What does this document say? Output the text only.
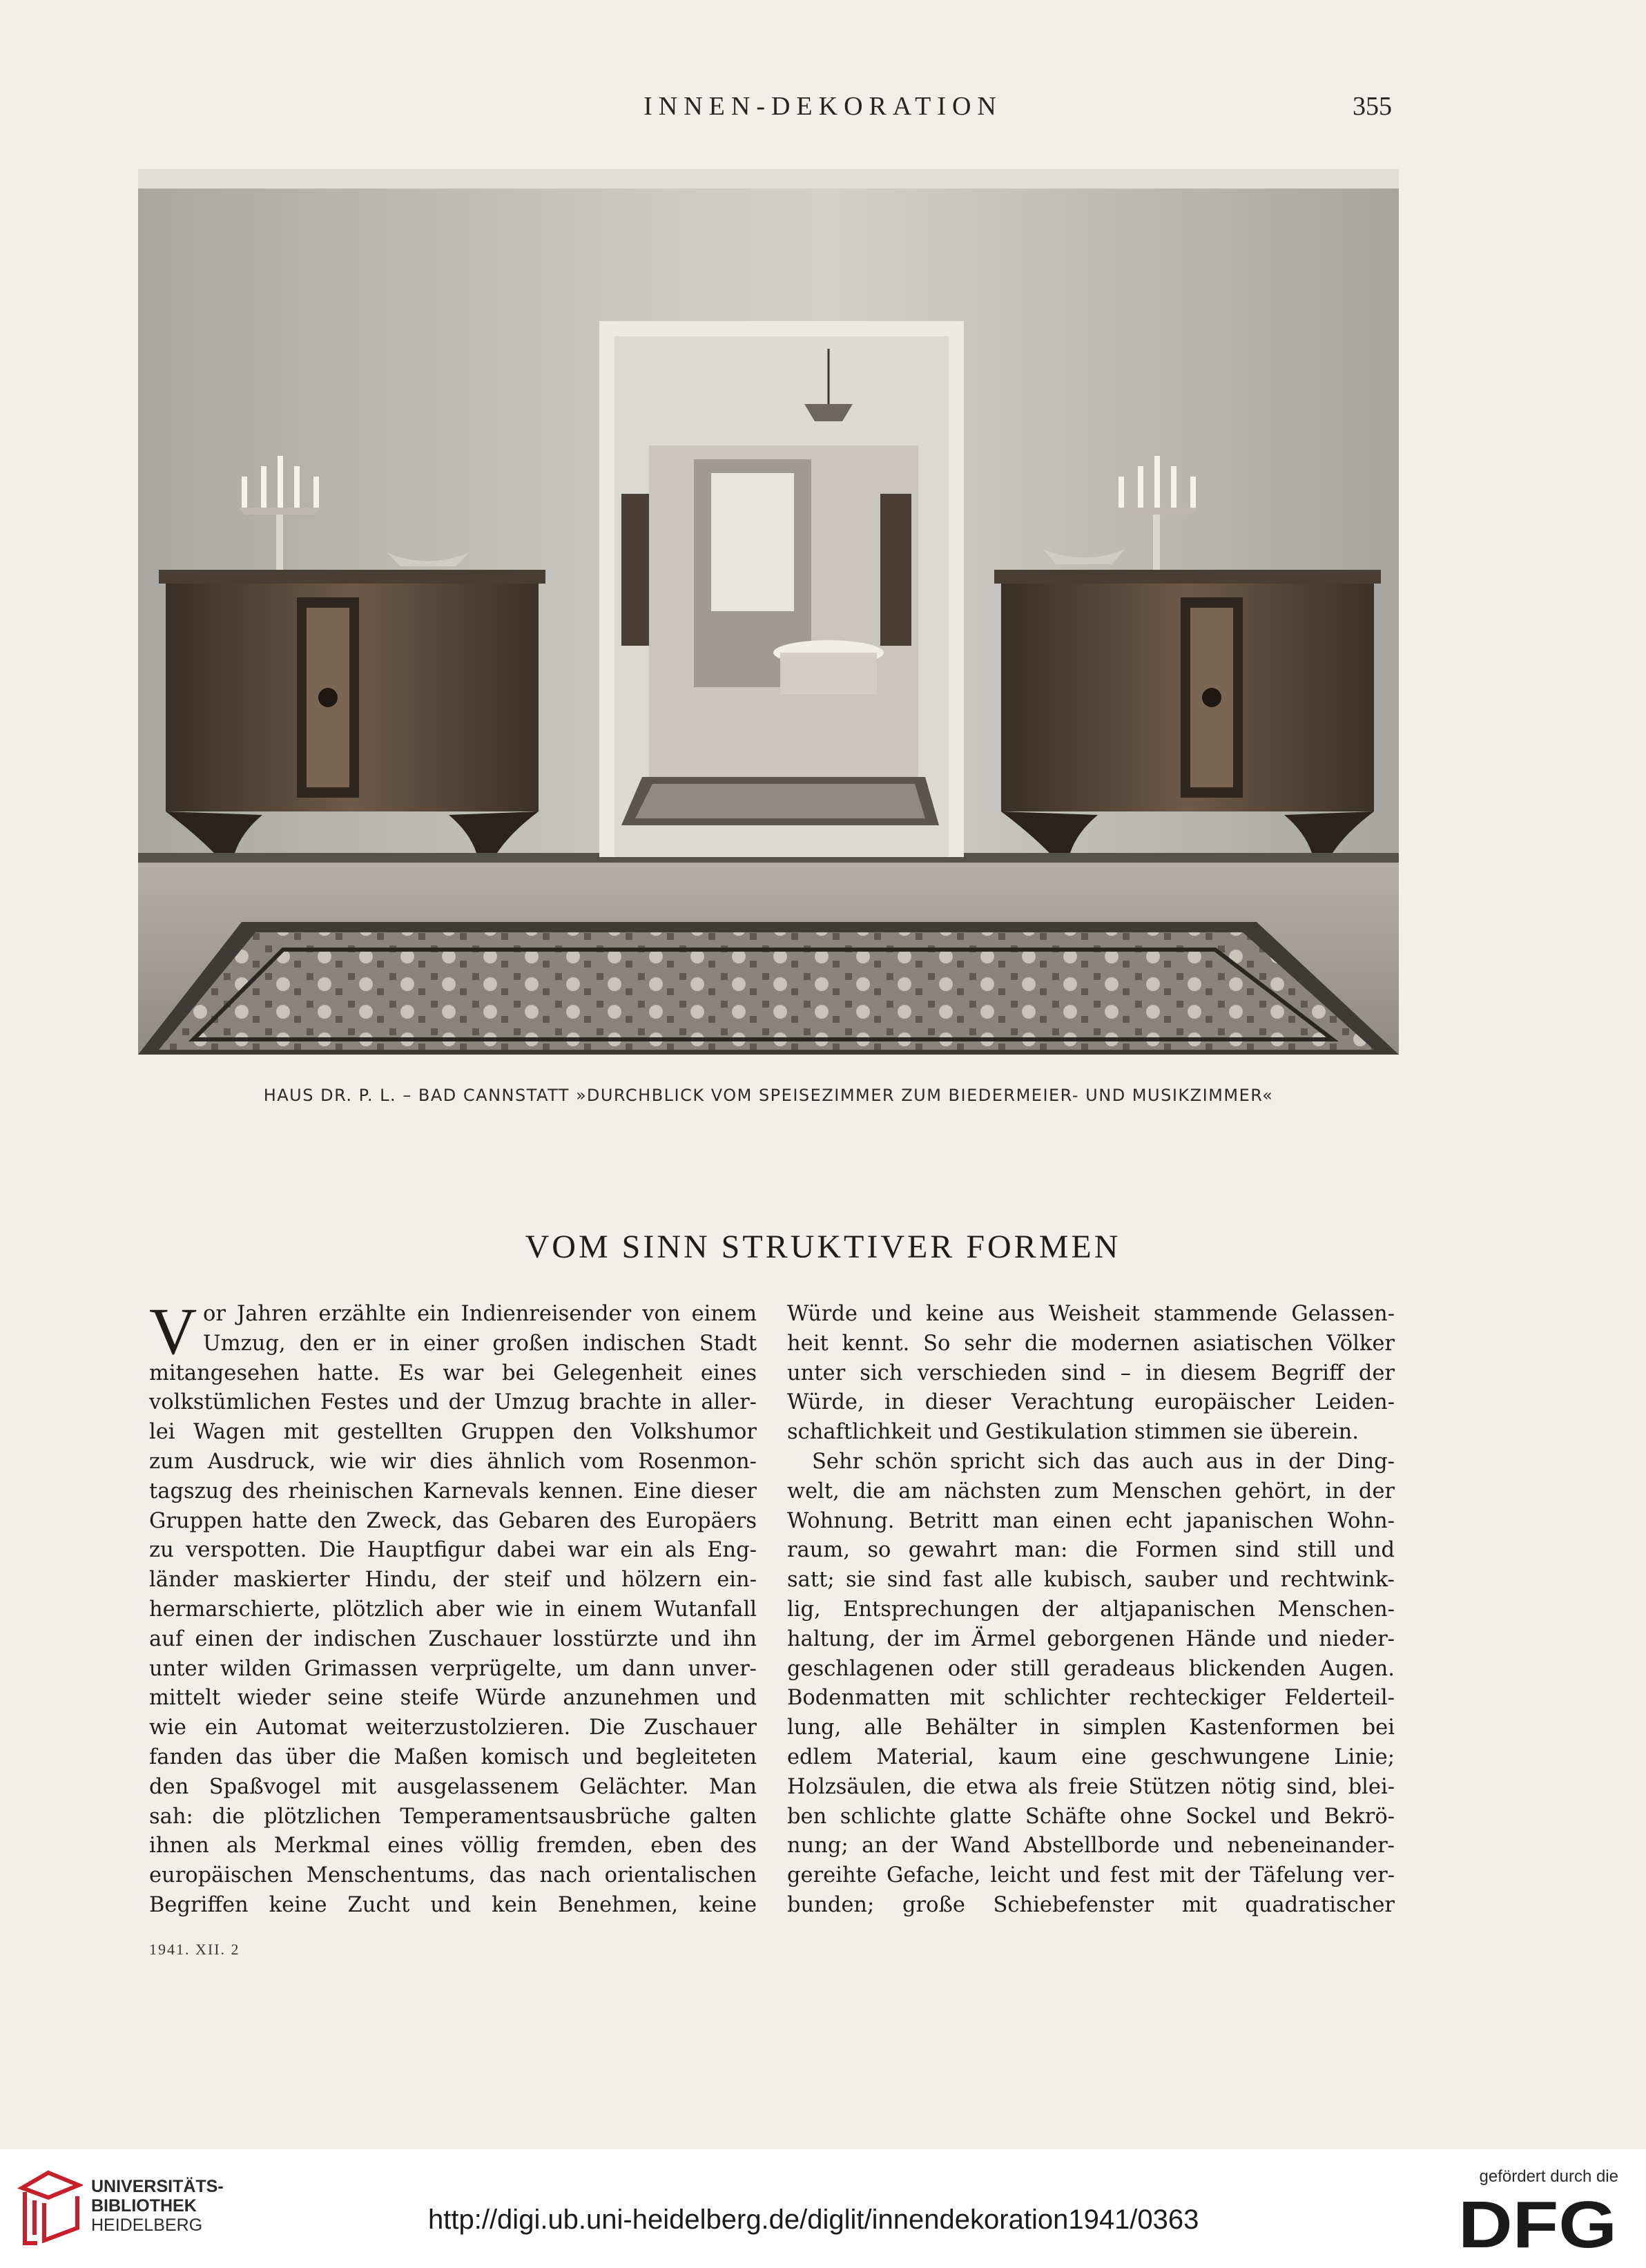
INNEN-DEKORATION	355
HAUS DR. P. L. – BAD CANNSTATT »DURCHBLICK VOM SPEISEZIMMER ZUM BIEDERMEIER- UND MUSIKZIMMER«
VOM SINN STRUKTIVER FORMEN
V or Jahren erzählte ein Indienreisender von einem
Umzug, den er in einer großen indischen Stadt
mitangesehen hatte. Es war bei Gelegenheit eines
volkstümlichen Festes und der Umzug brachte in aller-
lei Wagen mit gestellten Gruppen den Volkshumor
zum Ausdruck, wie wir dies ähnlich vom Rosenmon-
tagszug des rheinischen Karnevals kennen. Eine dieser
Gruppen hatte den Zweck, das Gebaren des Europäers
zu verspotten. Die Hauptfigur dabei war ein als Eng-
länder maskierter Hindu, der steif und hölzern ein-
hermarschierte, plötzlich aber wie in einem Wutanfall
auf einen der indischen Zuschauer losstürzte und ihn
unter wilden Grimassen verprügelte, um dann unver-
mittelt wieder seine steife Würde anzunehmen und
wie ein Automat weiterzustolzieren. Die Zuschauer
fanden das über die Maßen komisch und begleiteten
den Spaßvogel mit ausgelassenem Gelächter. Man
sah: die plötzlichen Temperamentsausbrüche galten
ihnen als Merkmal eines völlig fremden, eben des
europäischen Menschentums, das nach orientalischen
Begriffen keine Zucht und kein Benehmen, keine
Würde und keine aus Weisheit stammende Gelassen-
heit kennt. So sehr die modernen asiatischen Völker
unter sich verschieden sind – in diesem Begriff der
Würde, in dieser Verachtung europäischer Leiden-
schaftlichkeit und Gestikulation stimmen sie überein.
Sehr schön spricht sich das auch aus in der Ding-
welt, die am nächsten zum Menschen gehört, in der
Wohnung. Betritt man einen echt japanischen Wohn-
raum, so gewahrt man: die Formen sind still und
satt; sie sind fast alle kubisch, sauber und rechtwink-
lig, Entsprechungen der altjapanischen Menschen-
haltung, der im Ärmel geborgenen Hände und nieder-
geschlagenen oder still geradeaus blickenden Augen.
Bodenmatten mit schlichter rechteckiger Felderteil-
lung, alle Behälter in simplen Kastenformen bei
edlem Material, kaum eine geschwungene Linie;
Holzsäulen, die etwa als freie Stützen nötig sind, blei-
ben schlichte glatte Schäfte ohne Sockel und Bekrö-
nung; an der Wand Abstellborde und nebeneinander-
gereihte Gefache, leicht und fest mit der Täfelung ver-
bunden; große Schiebefenster mit quadratischer
1941. XII. 2
UNIVERSITÄTS-
BIBLIOTHEK
HEIDELBERG	http://digi.ub.uni-heidelberg.de/diglit/innendekoration1941/0363
gefördert durch die
DFG
